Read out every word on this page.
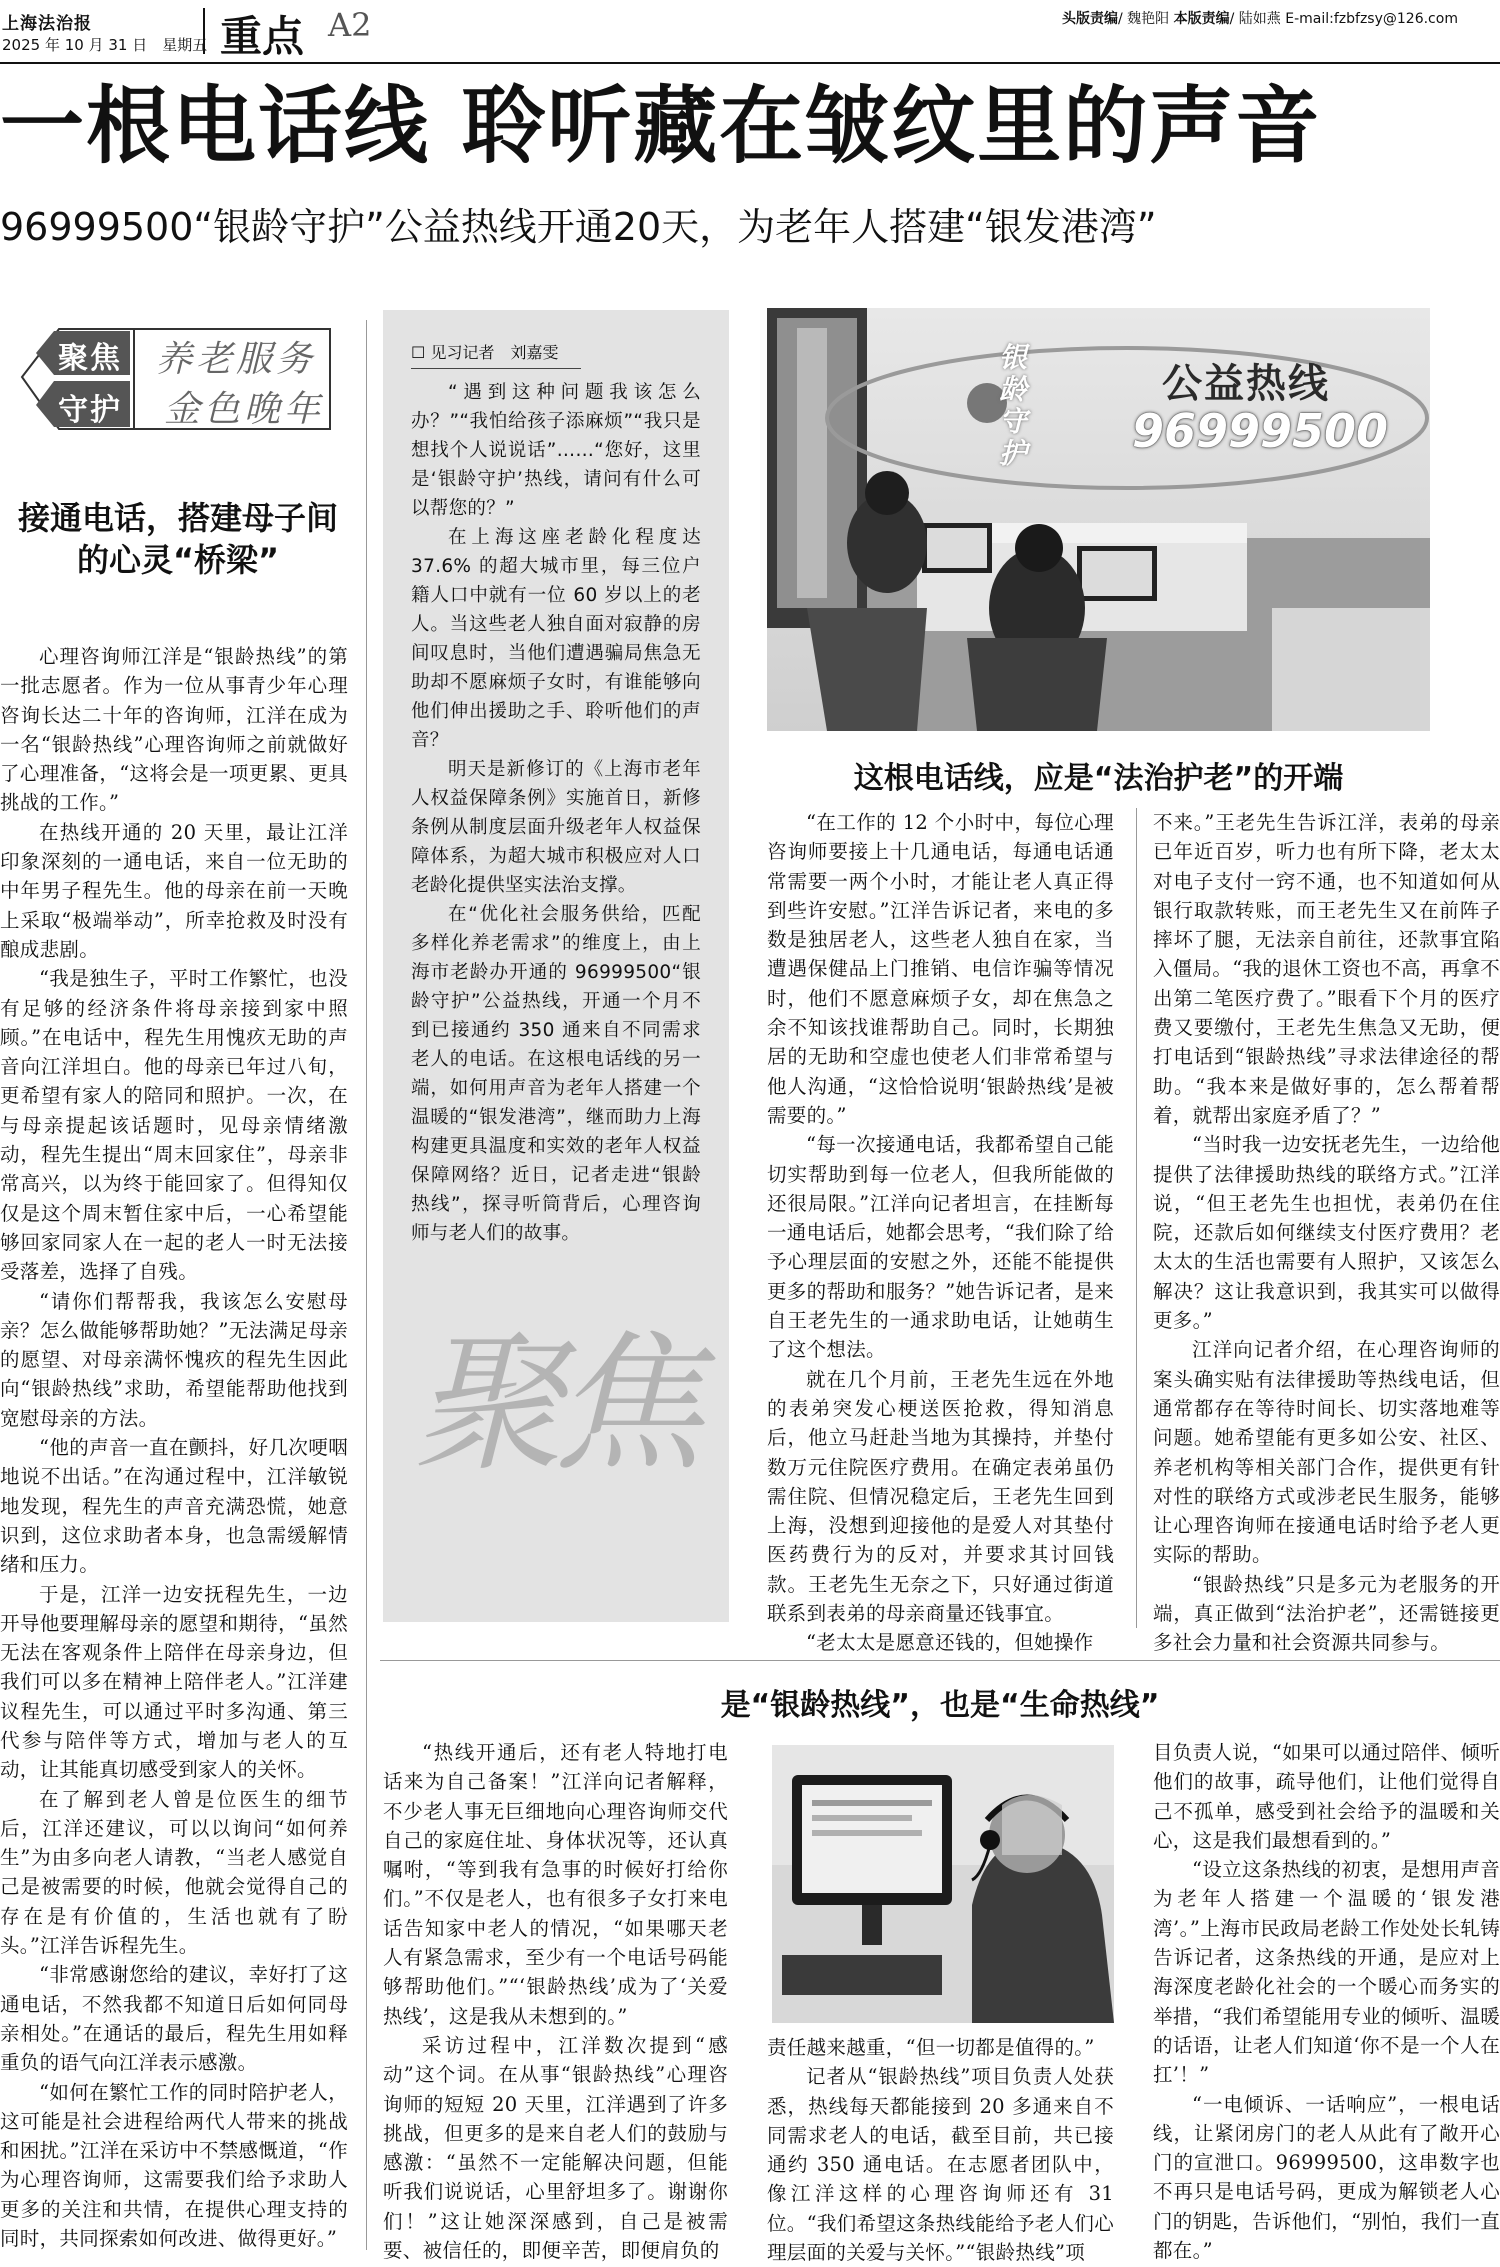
上海法治报
2025 年 10 月 31 日　星期五 重点 A2	头版责编/ 魏艳阳 本版责编/ 陆如燕 E-mail:fzbfzsy@126.com
一根电话线 聆听藏在皱纹里的声音
96999500“银龄守护”公益热线开通20天，为老年人搭建“银发港湾”
聚焦
守护
养老服务
金色晚年
接通电话，搭建母子间
的心灵“桥梁”

心理咨询师江洋是“银龄热线”的第一批志愿者。作为一位从事青少年心理咨询长达二十年的咨询师，江洋在成为一名“银龄热线”心理咨询师之前就做好了心理准备，“这将会是一项更累、更具挑战的工作。”

在热线开通的 20 天里，最让江洋印象深刻的一通电话，来自一位无助的中年男子程先生。他的母亲在前一天晚上采取“极端举动”，所幸抢救及时没有酿成悲剧。

“我是独生子，平时工作繁忙，也没有足够的经济条件将母亲接到家中照顾。”在电话中，程先生用愧疚无助的声音向江洋坦白。他的母亲已年过八旬，更希望有家人的陪同和照护。一次，在与母亲提起该话题时，见母亲情绪激动，程先生提出“周末回家住”，母亲非常高兴，以为终于能回家了。但得知仅仅是这个周末暂住家中后，一心希望能够回家同家人在一起的老人一时无法接受落差，选择了自残。

“请你们帮帮我，我该怎么安慰母亲？怎么做能够帮助她？”无法满足母亲的愿望、对母亲满怀愧疚的程先生因此向“银龄热线”求助，希望能帮助他找到宽慰母亲的方法。

“他的声音一直在颤抖，好几次哽咽地说不出话。”在沟通过程中，江洋敏锐地发现，程先生的声音充满恐慌，她意识到，这位求助者本身，也急需缓解情绪和压力。

于是，江洋一边安抚程先生，一边开导他要理解母亲的愿望和期待，“虽然无法在客观条件上陪伴在母亲身边，但我们可以多在精神上陪伴老人。”江洋建议程先生，可以通过平时多沟通、第三代参与陪伴等方式，增加与老人的互动，让其能真切感受到家人的关怀。

在了解到老人曾是位医生的细节后，江洋还建议，可以以询问“如何养生”为由多向老人请教，“当老人感觉自己是被需要的时候，他就会觉得自己的存在是有价值的，生活也就有了盼头。”江洋告诉程先生。

“非常感谢您给的建议，幸好打了这通电话，不然我都不知道日后如何同母亲相处。”在通话的最后，程先生用如释重负的语气向江洋表示感激。

“如何在繁忙工作的同时陪护老人，这可能是社会进程给两代人带来的挑战和困扰。”江洋在采访中不禁感慨道，“作为心理咨询师，这需要我们给予求助人更多的关注和共情，在提供心理支持的同时，共同探索如何改进、做得更好。”

☐ 见习记者　刘嘉雯

“遇到这种问题我该怎么办？”“我怕给孩子添麻烦”“我只是想找个人说说话”……“您好，这里是‘银龄守护’热线，请问有什么可以帮您的？”

在上海这座老龄化程度达 37.6% 的超大城市里，每三位户籍人口中就有一位 60 岁以上的老人。当这些老人独自面对寂静的房间叹息时，当他们遭遇骗局焦急无助却不愿麻烦子女时，有谁能够向他们伸出援助之手、聆听他们的声音？

明天是新修订的《上海市老年人权益保障条例》实施首日，新修条例从制度层面升级老年人权益保障体系，为超大城市积极应对人口老龄化提供坚实法治支撑。

在“优化社会服务供给，匹配多样化养老需求”的维度上，由上海市老龄办开通的 96999500“银龄守护”公益热线，开通一个月不到已接通约 350 通来自不同需求老人的电话。在这根电话线的另一端，如何用声音为老年人搭建一个温暖的“银发港湾”，继而助力上海构建更具温度和实效的老年人权益保障网络？近日，记者走进“银龄热线”，探寻听筒背后，心理咨询师与老人们的故事。

聚焦
银龄守护
公益热线
96999500
这根电话线，应是“法治护老”的开端

“在工作的 12 个小时中，每位心理咨询师要接上十几通电话，每通电话通常需要一两个小时，才能让老人真正得到些许安慰。”江洋告诉记者，来电的多数是独居老人，这些老人独自在家，当遭遇保健品上门推销、电信诈骗等情况时，他们不愿意麻烦子女，却在焦急之余不知该找谁帮助自己。同时，长期独居的无助和空虚也使老人们非常希望与他人沟通，“这恰恰说明‘银龄热线’是被需要的。”

“每一次接通电话，我都希望自己能切实帮助到每一位老人，但我所能做的还很局限。”江洋向记者坦言，在挂断每一通电话后，她都会思考，“我们除了给予心理层面的安慰之外，还能不能提供更多的帮助和服务？”她告诉记者，是来自王老先生的一通求助电话，让她萌生了这个想法。

就在几个月前，王老先生远在外地的表弟突发心梗送医抢救，得知消息后，他立马赶赴当地为其操持，并垫付数万元住院医疗费用。在确定表弟虽仍需住院、但情况稳定后，王老先生回到上海，没想到迎接他的是爱人对其垫付医药费行为的反对，并要求其讨回钱款。王老先生无奈之下，只好通过街道联系到表弟的母亲商量还钱事宜。

“老太太是愿意还钱的，但她操作

不来。”王老先生告诉江洋，表弟的母亲已年近百岁，听力也有所下降，老太太对电子支付一窍不通，也不知道如何从银行取款转账，而王老先生又在前阵子摔坏了腿，无法亲自前往，还款事宜陷入僵局。“我的退休工资也不高，再拿不出第二笔医疗费了。”眼看下个月的医疗费又要缴付，王老先生焦急又无助，便打电话到“银龄热线”寻求法律途径的帮助。“我本来是做好事的，怎么帮着帮着，就帮出家庭矛盾了？”

“当时我一边安抚老先生，一边给他提供了法律援助热线的联络方式。”江洋说，“但王老先生也担忧，表弟仍在住院，还款后如何继续支付医疗费用？老太太的生活也需要有人照护，又该怎么解决？这让我意识到，我其实可以做得更多。”

江洋向记者介绍，在心理咨询师的案头确实贴有法律援助等热线电话，但通常都存在等待时间长、切实落地难等问题。她希望能有更多如公安、社区、养老机构等相关部门合作，提供更有针对性的联络方式或涉老民生服务，能够让心理咨询师在接通电话时给予老人更实际的帮助。

“银龄热线”只是多元为老服务的开端，真正做到“法治护老”，还需链接更多社会力量和社会资源共同参与。

是“银龄热线”，也是“生命热线”

“热线开通后，还有老人特地打电话来为自己备案！”江洋向记者解释，不少老人事无巨细地向心理咨询师交代自己的家庭住址、身体状况等，还认真嘱咐，“等到我有急事的时候好打给你们。”不仅是老人，也有很多子女打来电话告知家中老人的情况，“如果哪天老人有紧急需求，至少有一个电话号码能够帮助他们。”“‘银龄热线’成为了‘关爱热线’，这是我从未想到的。”

采访过程中，江洋数次提到“感动”这个词。在从事“银龄热线”心理咨询师的短短 20 天里，江洋遇到了许多挑战，但更多的是来自老人们的鼓励与感激：“虽然不一定能解决问题，但能听我们说说话，心里舒坦多了。谢谢你们！”这让她深深感到，自己是被需要、被信任的，即便辛苦，即便肩负的

责任越来越重，“但一切都是值得的。”

记者从“银龄热线”项目负责人处获悉，热线每天都能接到 20 多通来自不同需求老人的电话，截至目前，共已接通约 350 通电话。在志愿者团队中，像江洋这样的心理咨询师还有 31 位。“我们希望这条热线能给予老人们心理层面的关爱与关怀。”“银龄热线”项

目负责人说，“如果可以通过陪伴、倾听他们的故事，疏导他们，让他们觉得自己不孤单，感受到社会给予的温暖和关心，这是我们最想看到的。”

“设立这条热线的初衷，是想用声音为老年人搭建一个温暖的‘银发港湾’。”上海市民政局老龄工作处处长轧铸告诉记者，这条热线的开通，是应对上海深度老龄化社会的一个暖心而务实的举措，“我们希望能用专业的倾听、温暖的话语，让老人们知道‘你不是一个人在扛’！”

“一电倾诉、一话响应”，一根电话线，让紧闭房门的老人从此有了敞开心门的宣泄口。96999500，这串数字也不再只是电话号码，更成为解锁老人心门的钥匙，告诉他们，“别怕，我们一直都在。”
